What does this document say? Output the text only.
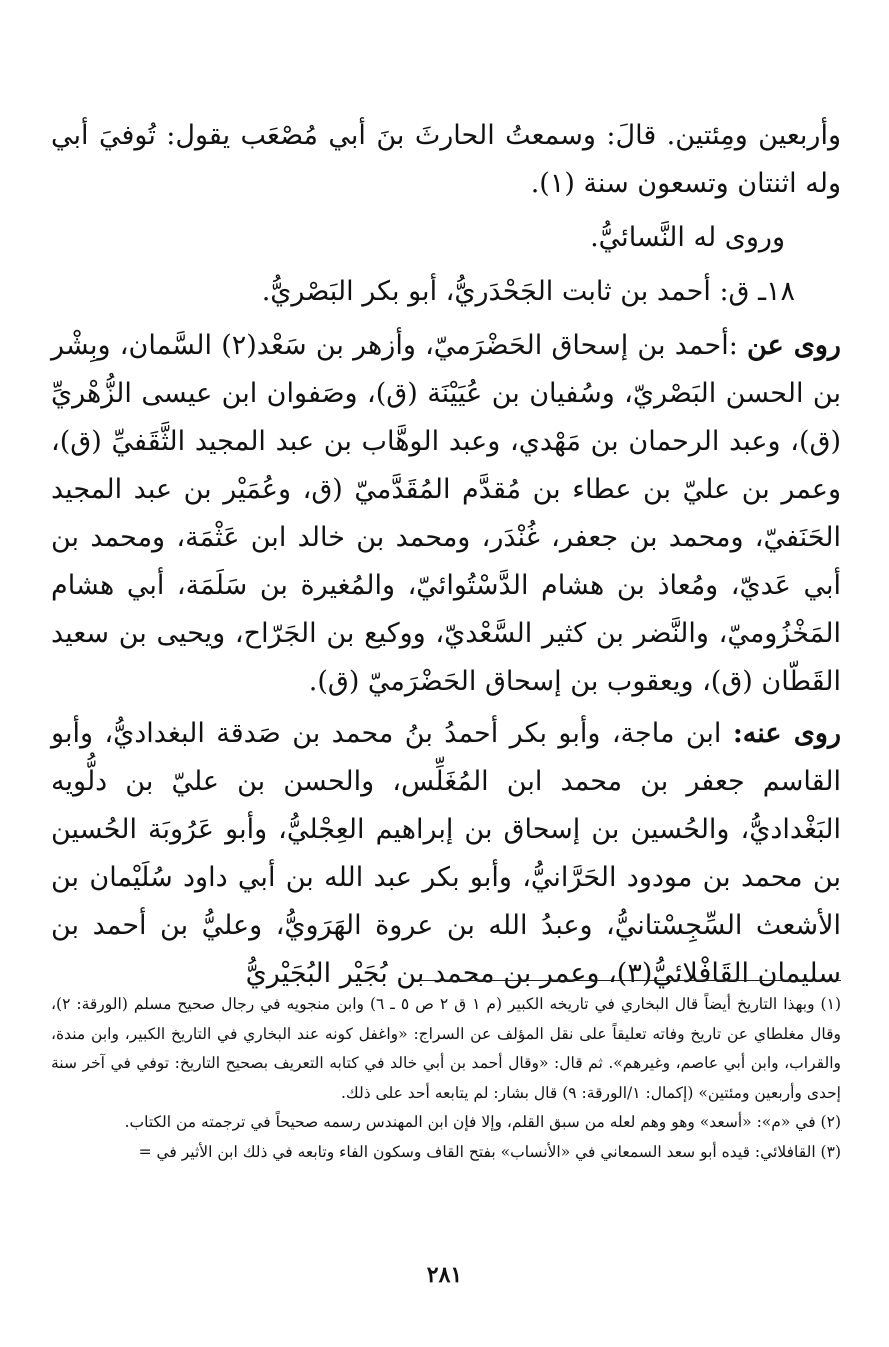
وأربعين ومِئتين. قالَ: وسمعتُ الحارثَ بنَ أبي مُصْعَب يقول: تُوفيَ أبي وله اثنتان وتسعون سنة (١).

وروى له النَّسائيُّ.

١٨ـ ق: أحمد بن ثابت الجَحْدَريُّ، أبو بكر البَصْريُّ.

روى عن :أحمد بن إسحاق الحَضْرَميّ، وأزهر بن سَعْد(٢) السَّمان، وبِشْر بن الحسن البَصْريّ، وسُفيان بن عُيَيْنَة (ق)، وصَفوان ابن عيسى الزُّهْريِّ (ق)، وعبد الرحمان بن مَهْدي، وعبد الوهَّاب بن عبد المجيد الثَّقَفيِّ (ق)، وعمر بن عليّ بن عطاء بن مُقدَّم المُقَدَّميّ (ق، وعُمَيْر بن عبد المجيد الحَنَفيّ، ومحمد بن جعفر، غُنْدَر، ومحمد بن خالد ابن عَثْمَة، ومحمد بن أبي عَديّ، ومُعاذ بن هشام الدَّسْتُوائيّ، والمُغيرة بن سَلَمَة، أبي هشام المَخْزُوميّ، والنَّضر بن كثير السَّعْديّ، ووكيع بن الجَرّاح، ويحيى بن سعيد القَطّان (ق)، ويعقوب بن إسحاق الحَضْرَميّ (ق).

روى عنه: ابن ماجة، وأبو بكر أحمدُ بنُ محمد بن صَدقة البغداديُّ، وأبو القاسم جعفر بن محمد ابن المُغَلِّس، والحسن بن عليّ بن دلُّويه البَغْداديُّ، والحُسين بن إسحاق بن إبراهيم العِجْليُّ، وأبو عَرُوبَة الحُسين بن محمد بن مودود الحَرَّانيُّ، وأبو بكر عبد الله بن أبي داود سُلَيْمان بن الأشعث السِّجِسْتانيُّ، وعبدُ الله بن عروة الهَرَويُّ، وعليُّ بن أحمد بن سليمان القَافْلائيُّ(٣)، وعمر بن محمد بن بُجَيْر البُجَيْريُّ

(١) وبهذا التاريخ أيضاً قال البخاري في تاريخه الكبير (م ١ ق ٢ ص ٥ ـ ٦) وابن منجويه في رجال صحيح مسلم (الورقة: ٢)، وقال مغلطاي عن تاريخ وفاته تعليقاً على نقل المؤلف عن السراج: «واغفل كونه عند البخاري في التاريخ الكبير، وابن مندة، والقراب، وابن أبي عاصم، وغيرهم». ثم قال: «وقال أحمد بن أبي خالد في كتابه التعريف بصحيح التاريخ: توفي في آخر سنة إحدى وأربعين ومئتين» (إكمال: ١/الورقة: ٩) قال بشار: لم يتابعه أحد على ذلك.

(٢) في «م»: «أسعد» وهو وهم لعله من سبق القلم، وإلا فإن ابن المهندس رسمه صحيحاً في ترجمته من الكتاب.

(٣) القافلائي: قيده أبو سعد السمعاني في «الأنساب» بفتح القاف وسكون الفاء وتابعه في ذلك ابن الأثير في =

٢٨١
